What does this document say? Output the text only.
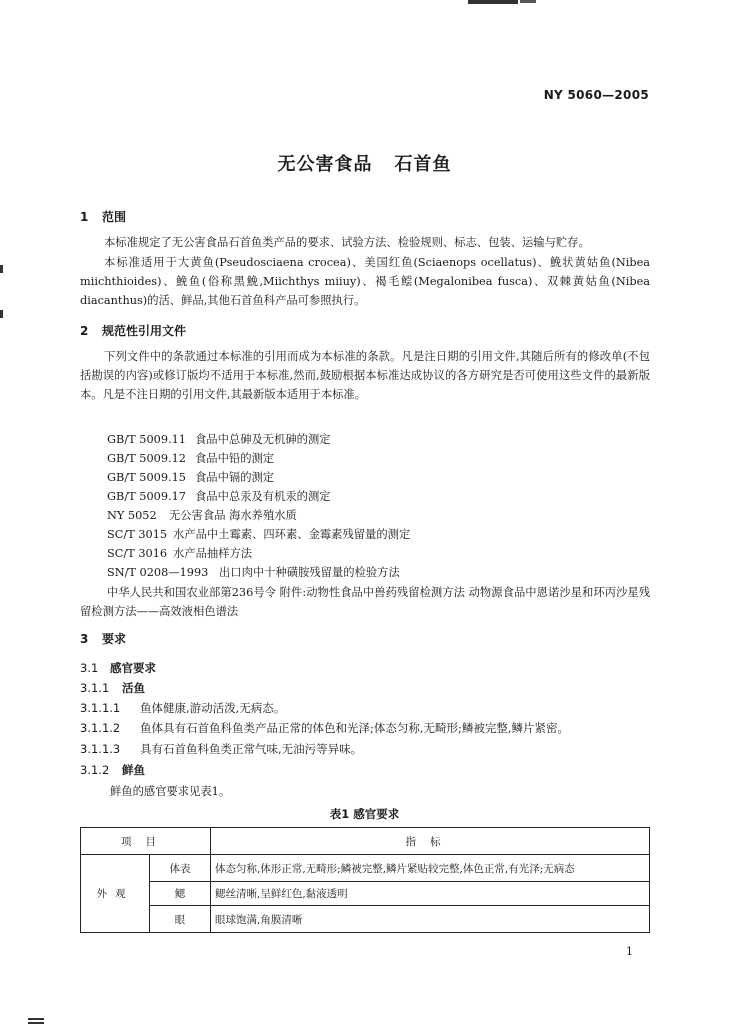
NY 5060—2005
无公害食品 石首鱼
1 范围
本标准规定了无公害食品石首鱼类产品的要求、试验方法、检验规则、标志、包装、运输与贮存。
本标准适用于大黄鱼(Pseudosciaena crocea)、美国红鱼(Sciaenops ocellatus)、鮸状黄姑鱼(Nibea miichthioides)、鮸鱼(俗称黑鮸,Miichthys miiuy)、褐毛鲿(Megalonibea fusca)、双棘黄姑鱼(Nibea diacanthus)的活、鲜品,其他石首鱼科产品可参照执行。
2 规范性引用文件
下列文件中的条款通过本标准的引用而成为本标准的条款。凡是注日期的引用文件,其随后所有的修改单(不包括勘误的内容)或修订版均不适用于本标准,然而,鼓励根据本标准达成协议的各方研究是否可使用这些文件的最新版本。凡是不注日期的引用文件,其最新版本适用于本标准。
GB/T 5009.11 食品中总砷及无机砷的测定
GB/T 5009.12 食品中铅的测定
GB/T 5009.15 食品中镉的测定
GB/T 5009.17 食品中总汞及有机汞的测定
NY 5052 无公害食品 海水养殖水质
SC/T 3015 水产品中土霉素、四环素、金霉素残留量的测定
SC/T 3016 水产品抽样方法
SN/T 0208—1993 出口肉中十种磺胺残留量的检验方法
中华人民共和国农业部第236号令 附件:动物性食品中兽药残留检测方法 动物源食品中恩诺沙星和环丙沙星残留检测方法——高效液相色谱法
3 要求
3.1 感官要求
3.1.1 活鱼
3.1.1.1 鱼体健康,游动活泼,无病态。
3.1.1.2 鱼体具有石首鱼科鱼类产品正常的体色和光泽;体态匀称,无畸形;鳞被完整,鳞片紧密。
3.1.1.3 具有石首鱼科鱼类正常气味,无油污等异味。
3.1.2 鲜鱼
鲜鱼的感官要求见表1。
表1 感官要求
项目		指标
外观	体表	体态匀称,体形正常,无畸形;鳞被完整,鳞片紧贴较完整,体色正常,有光泽;无病态
	鳃	鳃丝清晰,呈鲜红色,黏液透明
	眼	眼球饱满,角膜清晰
1
